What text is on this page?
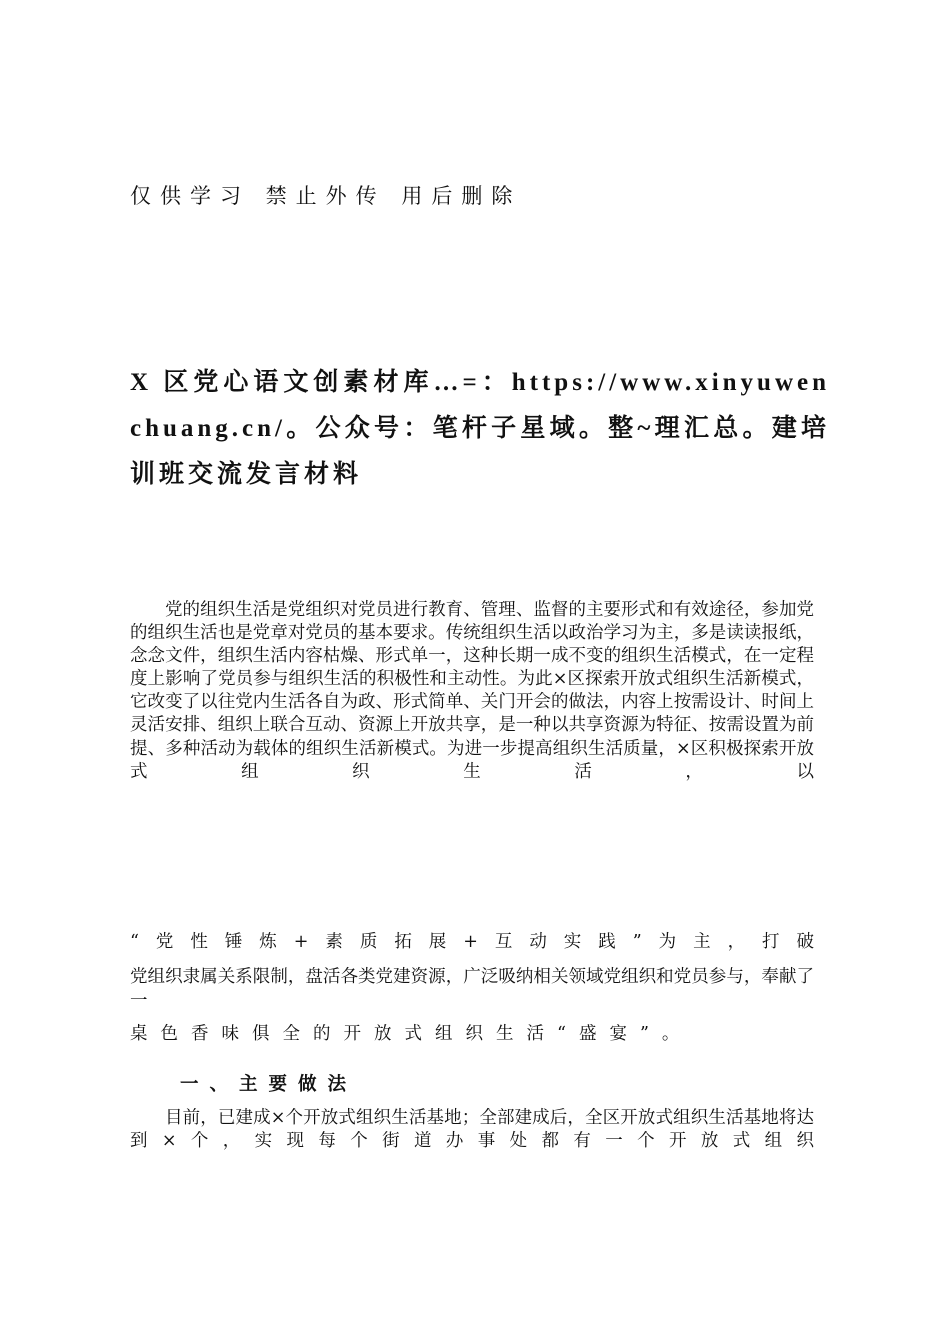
仅供学习 禁止外传 用后删除
X 区党心语文创素材库…=：https://www.xinyuwenchuang.cn/。公众号：笔杆子星域。整~理汇总。建培训班交流发言材料

党的组织生活是党组织对党员进行教育、管理、监督的主要形式和有效途径，参加党的组织生活也是党章对党员的基本要求。传统组织生活以政治学习为主，多是读读报纸，念念文件，组织生活内容枯燥、形式单一，这种长期一成不变的组织生活模式，在一定程度上影响了党员参与组织生活的积极性和主动性。为此×区探索开放式组织生活新模式，它改变了以往党内生活各自为政、形式简单、关门开会的做法，内容上按需设计、时间上灵活安排、组织上联合互动、资源上开放共享，是一种以共享资源为特征、按需设置为前提、多种活动为载体的组织生活新模式。为进一步提高组织生活质量，×区积极探索开放式组织生活，以

“党性锤炼+素质拓展+互动实践”为主，打破

党组织隶属关系限制，盘活各类党建资源，广泛吸纳相关领域党组织和党员参与，奉献了一

桌色香味俱全的开放式组织生活“盛宴”。

一、主要做法

目前，已建成×个开放式组织生活基地；全部建成后，全区开放式组织生活基地将达到×个，实现每个街道办事处都有一个开放式组织
